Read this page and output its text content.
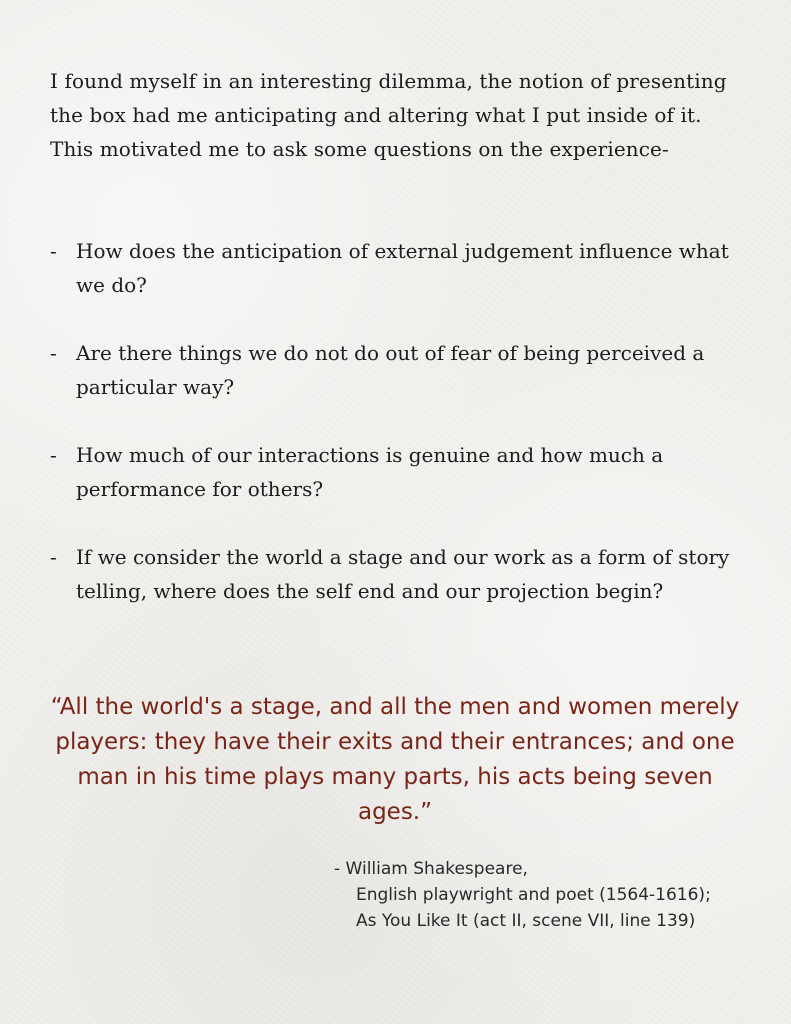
I found myself in an interesting dilemma, the notion of presenting the box had me anticipating and altering what I put inside of it. This motivated me to ask some questions on the experience-

- How does the anticipation of external judgement influence what we do?
- Are there things we do not do out of fear of being perceived a particular way?
- How much of our interactions is genuine and how much a performance for others?
- If we consider the world a stage and our work as a form of story telling, where does the self end and our projection begin?

“All the world's a stage, and all the men and women merely players: they have their exits and their entrances; and one man in his time plays many parts, his acts being seven ages.”

- William Shakespeare,
English playwright and poet (1564-1616);
As You Like It (act II, scene VII, line 139)
